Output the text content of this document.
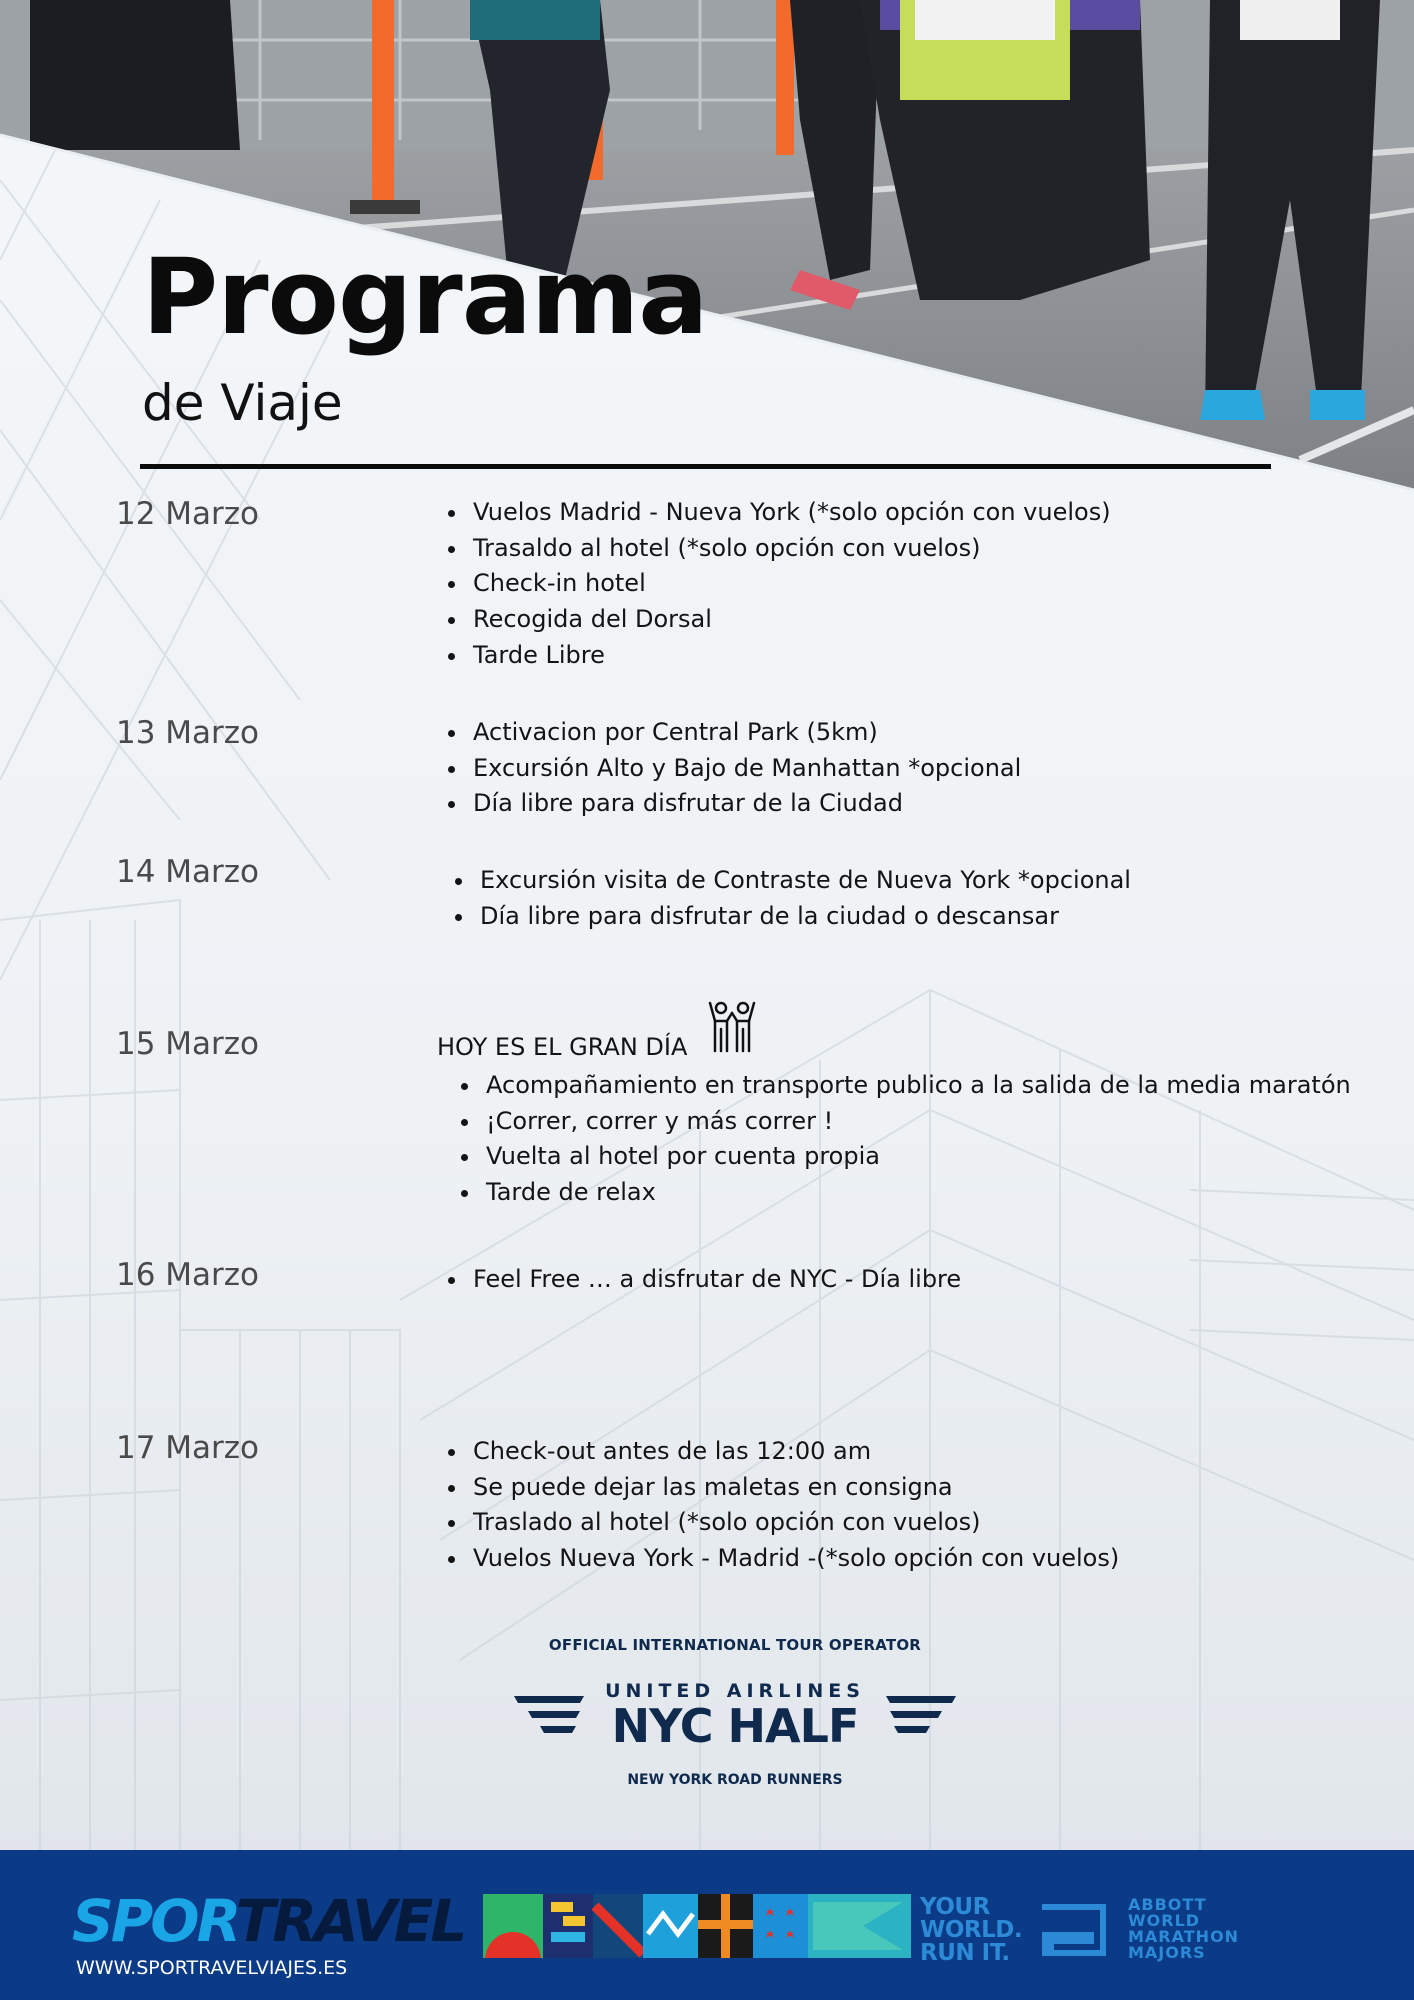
Programa
de Viaje
12 Marzo	• Vuelos Madrid - Nueva York (*solo opción con vuelos)
• Trasaldo al hotel (*solo opción con vuelos)
• Check-in hotel
• Recogida del Dorsal
• Tarde Libre
13 Marzo	• Activacion por Central Park (5km)
• Excursión Alto y Bajo de Manhattan *opcional
• Día libre para disfrutar de la Ciudad
14 Marzo	• Excursión visita de Contraste de Nueva York *opcional
• Día libre para disfrutar de la ciudad o descansar
15 Marzo	HOY ES EL GRAN DÍA
• Acompañamiento en transporte publico a la salida de la media maratón
• ¡Correr, correr y más correr !
• Vuelta al hotel por cuenta propia
• Tarde de relax
16 Marzo	• Feel Free … a disfrutar de NYC - Día libre
17 Marzo	• Check-out antes de las 12:00 am
• Se puede dejar las maletas en consigna
• Traslado al hotel (*solo opción con vuelos)
• Vuelos Nueva York - Madrid -(*solo opción con vuelos)
OFFICIAL INTERNATIONAL TOUR OPERATOR
UNITED AIRLINES
NYC HALF
NEW YORK ROAD RUNNERS
SPORTRAVEL
WWW.SPORTRAVELVIAJES.ES
YOUR
WORLD.
RUN IT.
ABBOTT
WORLD
MARATHON
MAJORS
